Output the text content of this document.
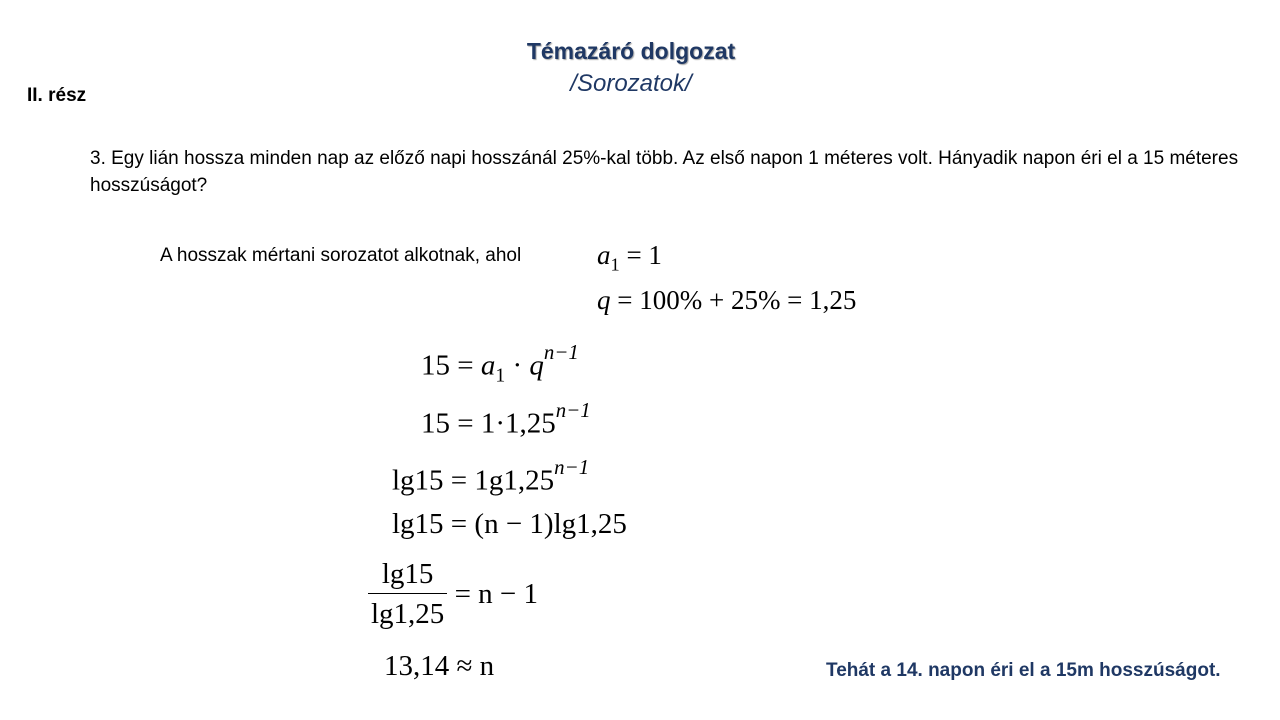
Témazáró dolgozat
/Sorozatok/
II. rész
3. Egy lián hossza minden nap az előző napi hosszánál 25%-kal több. Az első napon 1 méteres volt. Hányadik napon éri el a 15 méteres hosszúságot?
A hosszak mértani sorozatot alkotnak, ahol	$a_1 = 1$
q = 100% + 25% = 1,25
$15 = a_1 \cdot q^{n-1}$
$15 = 1\cdot 1,25^{n-1}$
$\lg 15 = 1g1,25^{n-1}$
lg15 = (n − 1)lg1,25
$\frac{\lg 15}{\lg 1,25} = n - 1$
13,14 ≈ n	Tehát a 14. napon éri el a 15m hosszúságot.
